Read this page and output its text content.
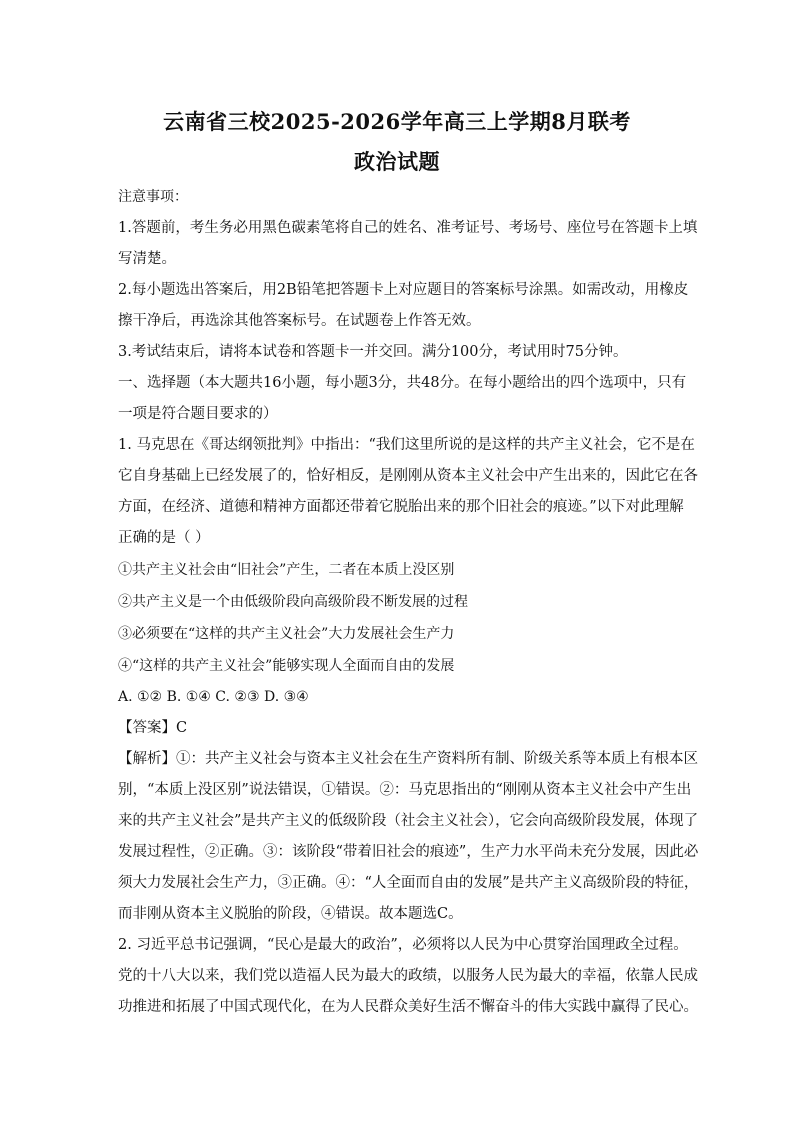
云南省三校2025-2026学年高三上学期8月联考
政治试题
注意事项：
1.答题前，考生务必用黑色碳素笔将自己的姓名、准考证号、考场号、座位号在答题卡上填
写清楚。
2.每小题选出答案后，用2B铅笔把答题卡上对应题目的答案标号涂黑。如需改动，用橡皮
擦干净后，再选涂其他答案标号。在试题卷上作答无效。
3.考试结束后，请将本试卷和答题卡一并交回。满分100分，考试用时75分钟。
一、选择题（本大题共16小题，每小题3分，共48分。在每小题给出的四个选项中，只有
一项是符合题目要求的）
1. 马克思在《哥达纲领批判》中指出：“我们这里所说的是这样的共产主义社会，它不是在
它自身基础上已经发展了的，恰好相反，是刚刚从资本主义社会中产生出来的，因此它在各
方面，在经济、道德和精神方面都还带着它脱胎出来的那个旧社会的痕迹。”以下对此理解
正确的是（ ）
①共产主义社会由“旧社会”产生，二者在本质上没区别
②共产主义是一个由低级阶段向高级阶段不断发展的过程
③必须要在“这样的共产主义社会”大力发展社会生产力
④“这样的共产主义社会”能够实现人全面而自由的发展
A. ①② B. ①④ C. ②③ D. ③④
【答案】C
【解析】①：共产主义社会与资本主义社会在生产资料所有制、阶级关系等本质上有根本区
别，“本质上没区别”说法错误，①错误。②：马克思指出的“刚刚从资本主义社会中产生出
来的共产主义社会”是共产主义的低级阶段（社会主义社会），它会向高级阶段发展，体现了
发展过程性，②正确。③：该阶段“带着旧社会的痕迹”，生产力水平尚未充分发展，因此必
须大力发展社会生产力，③正确。④：“人全面而自由的发展”是共产主义高级阶段的特征，
而非刚从资本主义脱胎的阶段，④错误。故本题选C。
2. 习近平总书记强调，“民心是最大的政治”，必须将以人民为中心贯穿治国理政全过程。
党的十八大以来，我们党以造福人民为最大的政绩，以服务人民为最大的幸福，依靠人民成
功推进和拓展了中国式现代化，在为人民群众美好生活不懈奋斗的伟大实践中赢得了民心。
